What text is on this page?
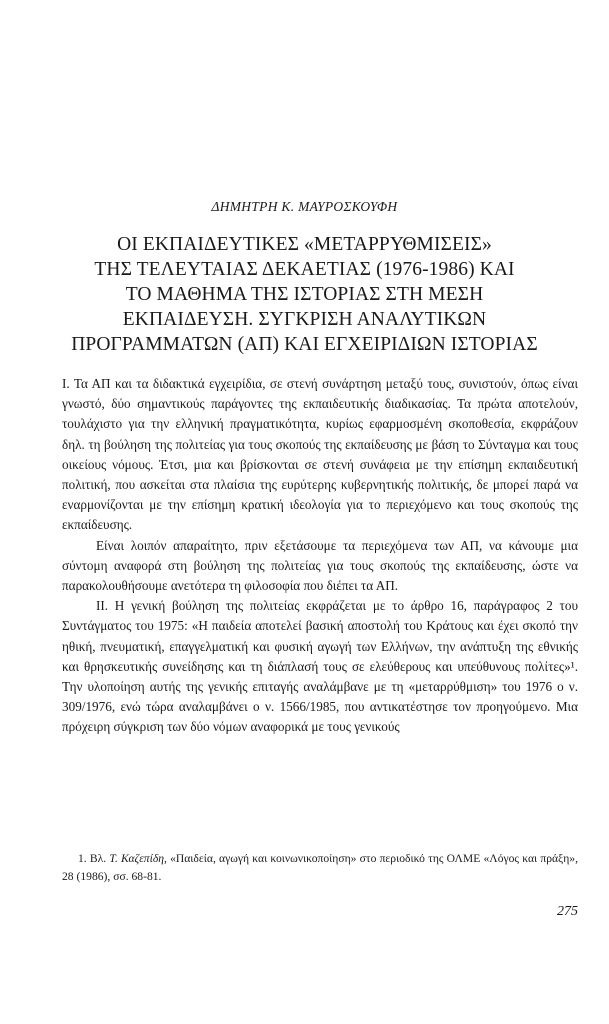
ΔΗΜΗΤΡΗ Κ. ΜΑΥΡΟΣΚΟΥΦΗ
ΟΙ ΕΚΠΑΙΔΕΥΤΙΚΕΣ «ΜΕΤΑΡΡΥΘΜΙΣΕΙΣ»
ΤΗΣ ΤΕΛΕΥΤΑΙΑΣ ΔΕΚΑΕΤΙΑΣ (1976-1986) ΚΑΙ
ΤΟ ΜΑΘΗΜΑ ΤΗΣ ΙΣΤΟΡΙΑΣ ΣΤΗ ΜΕΣΗ
ΕΚΠΑΙΔΕΥΣΗ. ΣΥΓΚΡΙΣΗ ΑΝΑΛΥΤΙΚΩΝ
ΠΡΟΓΡΑΜΜΑΤΩΝ (ΑΠ) ΚΑΙ ΕΓΧΕΙΡΙΔΙΩΝ ΙΣΤΟΡΙΑΣ

Ι. Τα ΑΠ και τα διδακτικά εγχειρίδια, σε στενή συνάρτηση μεταξύ τους, συνιστούν, όπως είναι γνωστό, δύο σημαντικούς παράγοντες της εκπαιδευτικής διαδικασίας. Τα πρώτα αποτελούν, τουλάχιστο για την ελληνική πραγματικότητα, κυρίως εφαρμοσμένη σκοποθεσία, εκφράζουν δηλ. τη βούληση της πολιτείας για τους σκοπούς της εκπαίδευσης με βάση το Σύνταγμα και τους οικείους νόμους. Έτσι, μια και βρίσκονται σε στενή συνάφεια με την επίσημη εκπαιδευτική πολιτική, που ασκείται στα πλαίσια της ευρύτερης κυβερνητικής πολιτικής, δε μπορεί παρά να εναρμονίζονται με την επίσημη κρατική ιδεολογία για το περιεχόμενο και τους σκοπούς της εκπαίδευσης.

Είναι λοιπόν απαραίτητο, πριν εξετάσουμε τα περιεχόμενα των ΑΠ, να κάνουμε μια σύντομη αναφορά στη βούληση της πολιτείας για τους σκοπούς της εκπαίδευσης, ώστε να παρακολουθήσουμε ανετότερα τη φιλοσοφία που διέπει τα ΑΠ.

ΙΙ. Η γενική βούληση της πολιτείας εκφράζεται με το άρθρο 16, παράγραφος 2 του Συντάγματος του 1975: «Η παιδεία αποτελεί βασική αποστολή του Κράτους και έχει σκοπό την ηθική, πνευματική, επαγγελματική και φυσική αγωγή των Ελλήνων, την ανάπτυξη της εθνικής και θρησκευτικής συνείδησης και τη διάπλασή τους σε ελεύθερους και υπεύθυνους πολίτες»¹. Την υλοποίηση αυτής της γενικής επιταγής αναλάμβανε με τη «μεταρρύθμιση» του 1976 ο ν. 309/1976, ενώ τώρα αναλαμβάνει ο ν. 1566/1985, που αντικατέστησε τον προηγούμενο. Μια πρόχειρη σύγκριση των δύο νόμων αναφορικά με τους γενικούς

1. Βλ. Τ. Καζεπίδη, «Παιδεία, αγωγή και κοινωνικοποίηση» στο περιοδικό της ΟΛΜΕ «Λόγος και πράξη», 28 (1986), σσ. 68-81.
275
